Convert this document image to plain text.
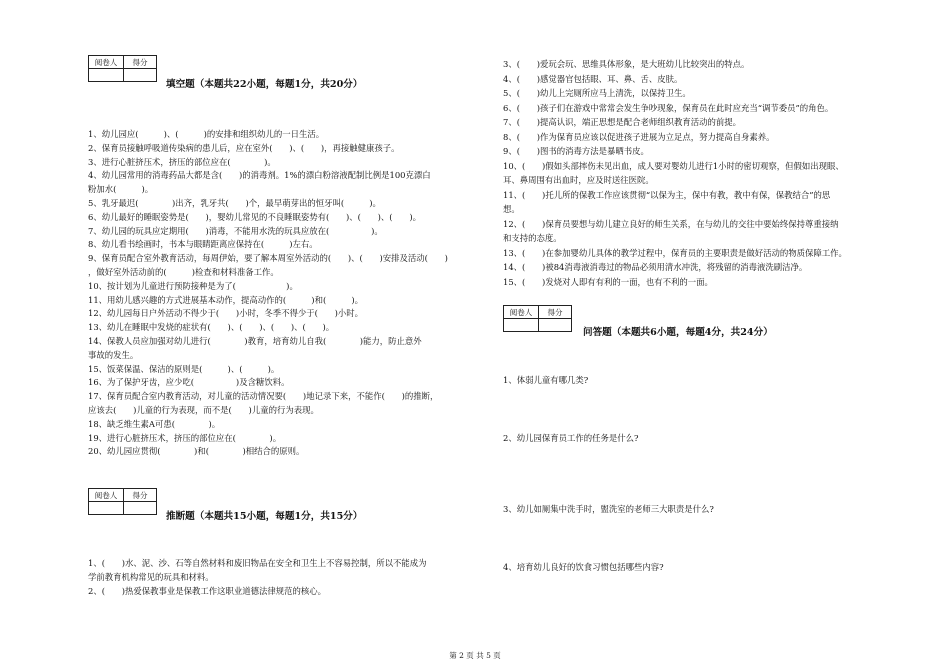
阅卷人	得分

填空题（本题共22小题，每题1分，共20分）
1、幼儿园应(　　　)、(　　　)的安排和组织幼儿的一日生活。
2、保育员接触呼吸道传染病的患儿后，应在室外(　　)、(　　)，再接触健康孩子。
3、进行心脏挤压术，挤压的部位应在(　　　　)。
4、幼儿园常用的消毒药品大都是含(　　)的消毒剂。1%的漂白粉溶液配制比例是100克漂白
粉加水(　　　)。
5、乳牙最迟(　　　　)出齐，乳牙共(　　)个，最早萌芽出的恒牙叫(　　　)。
6、幼儿最好的睡眠姿势是(　　)，婴幼儿常见的不良睡眠姿势有(　　)、(　　)、(　　)。
7、幼儿园的玩具应定期用(　　)消毒，不能用水洗的玩具应放在(　　　　　)。
8、幼儿看书绘画时，书本与眼睛距离应保持在(　　　)左右。
9、保育员配合室外教育活动，每周伊始，要了解本周室外活动的(　　)、(　　)安排及活动(　　)
，做好室外活动前的(　　　)检查和材料准备工作。
10、按计划为儿童进行预防接种是为了(　　　　　　)。
11、用幼儿感兴趣的方式进展基本动作，提高动作的(　　　)和(　　　)。
12、幼儿园每日户外活动不得少于(　　)小时，冬季不得少于(　　)小时。
13、幼儿在睡眠中发烧的症状有(　　)、(　　)、(　　)、(　　)。
14、保教人员应加强对幼儿进行(　　　　)教育，培育幼儿自我(　　　　)能力，防止意外
事故的发生。
15、饭菜保温、保洁的原则是(　　　)、(　　　)。
16、为了保护牙齿，应少吃(　　　　　)及含糖饮料。
17、保育员配合室内教育活动，对儿童的活动情况要(　　)地记录下来，不能作(　　)的推断，
应该去(　　)儿童的行为表现，而不是(　　)儿童的行为表现。
18、缺乏维生素A可患(　　　　)。
19、进行心脏挤压术，挤压的部位应在(　　　　)。
20、幼儿园应贯彻(　　　　)和(　　　　)相结合的原则。
阅卷人	得分

推断题（本题共15小题，每题1分，共15分）
1、(　　)水、泥、沙、石等自然材料和废旧物品在安全和卫生上不容易控制，所以不能成为
学前教育机构常见的玩具和材料。
2、(　　)热爱保教事业是保教工作这职业道德法律规范的核心。
3、(　　)爱玩会玩、思维具体形象，是大班幼儿比较突出的特点。
4、(　　)感觉器官包括眼、耳、鼻、舌、皮肤。
5、(　　)幼儿上完厕所应马上清洗，以保持卫生。
6、(　　)孩子们在游戏中常常会发生争吵现象，保育员在此时应充当“调节委员”的角色。
7、(　　)提高认识，端正思想是配合老师组织教育活动的前提。
8、(　　)作为保育员应该以促进孩子进展为立足点，努力提高自身素养。
9、(　　)图书的消毒方法是暴晒书皮。
10、(　　)假如头部摔伤未见出血，成人要对婴幼儿进行1小时的密切观察，但假如出现眼、
耳、鼻周围有出血时，应及时送往医院。
11、(　　)托儿所的保教工作应该贯彻“以保为主，保中有教，教中有保，保教结合”的思
想。
12、(　　)保育员要想与幼儿建立良好的师生关系，在与幼儿的交往中要始终保持尊重接纳
和支持的态度。
13、(　　)在参加婴幼儿具体的教学过程中，保育员的主要职责是做好活动的物质保障工作。
14、(　　)被84消毒液消毒过的物品必须用清水冲洗，将残留的消毒液洗刷洁净。
15、(　　)发烧对人即有有利的一面，也有不利的一面。
阅卷人	得分

问答题（本题共6小题，每题4分，共24分）
1、体弱儿童有哪几类?
2、幼儿园保育员工作的任务是什么?
3、幼儿如厕集中洗手时，盥洗室的老师三大职责是什么?
4、培育幼儿良好的饮食习惯包括哪些内容?
第 2 页 共 5 页
